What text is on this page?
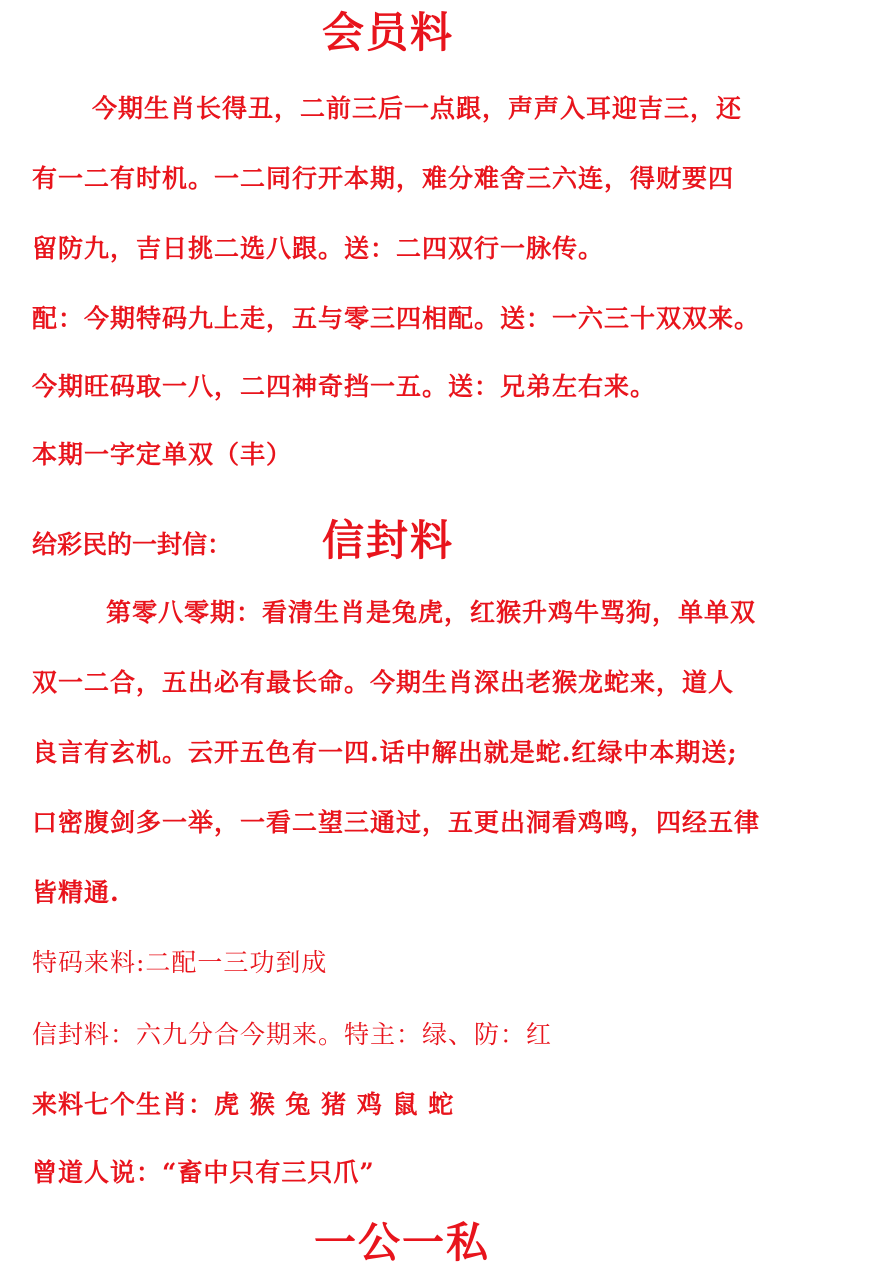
会员料
今期生肖长得丑，二前三后一点跟，声声入耳迎吉三，还
有一二有时机。一二同行开本期，难分难舍三六连，得财要四
留防九，吉日挑二选八跟。送：二四双行一脉传。
配：今期特码九上走，五与零三四相配。送：一六三十双双来。
今期旺码取一八，二四神奇挡一五。送：兄弟左右来。
本期一字定单双（丰）
给彩民的一封信： 信封料
第零八零期：看清生肖是兔虎，红猴升鸡牛骂狗，单单双
双一二合，五出必有最长命。今期生肖深出老猴龙蛇来，道人
良言有玄机。云开五色有一四.话中解出就是蛇.红绿中本期送;
口密腹剑多一举，一看二望三通过，五更出洞看鸡鸣，四经五律
皆精通.
特码来料:二配一三功到成
信封料：六九分合今期来。特主：绿、防：红
来料七个生肖：虎 猴 兔 猪 鸡 鼠 蛇
曾道人说：“畜中只有三只爪”
一公一私
